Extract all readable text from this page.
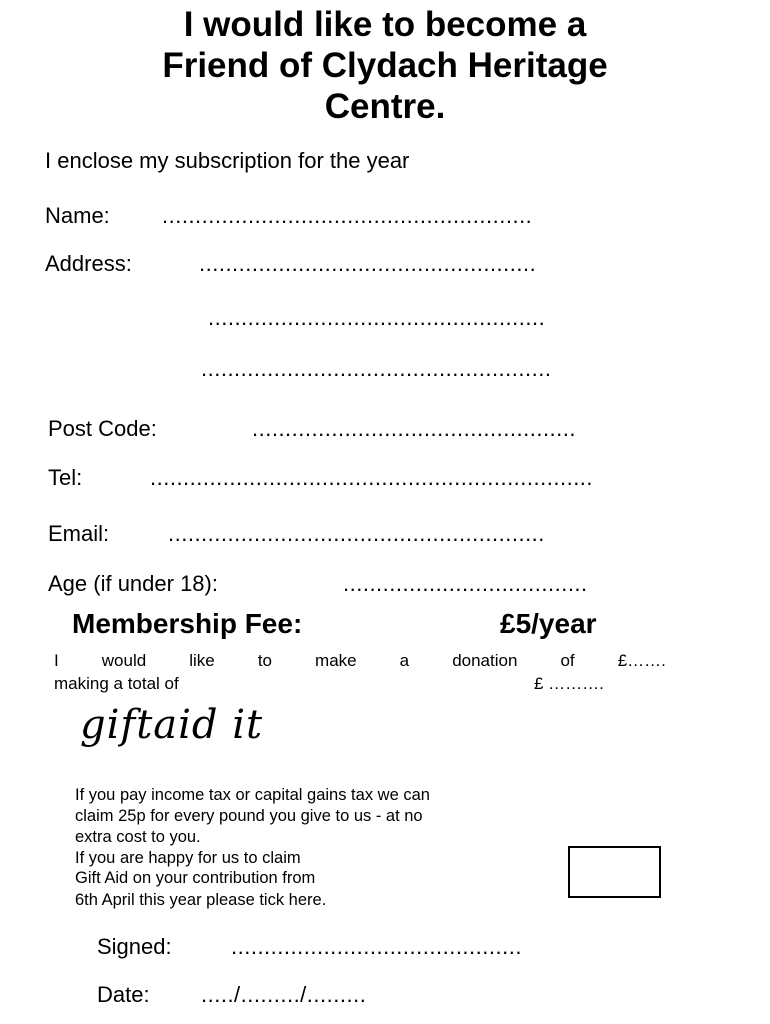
I would like to become a
Friend of Clydach Heritage
Centre.
I enclose my subscription for the year
Name: ........................................................
Address:	...................................................
...................................................
.....................................................
Post Code:	.................................................
Tel:	...................................................................
Email:	.........................................................
Age (if under 18):	.....................................
Membership Fee:	£5/year
I	would	like	to	make	a	donation	of	£…….
making a total of	£ ……….
giftaid it
If you pay income tax or capital gains tax we can
claim 25p for every pound you give to us - at no
extra cost to you.
If you are happy for us to claim
Gift Aid on your contribution from
6th April this year please tick here.
Signed:	............................................
Date: ...../........./.........
